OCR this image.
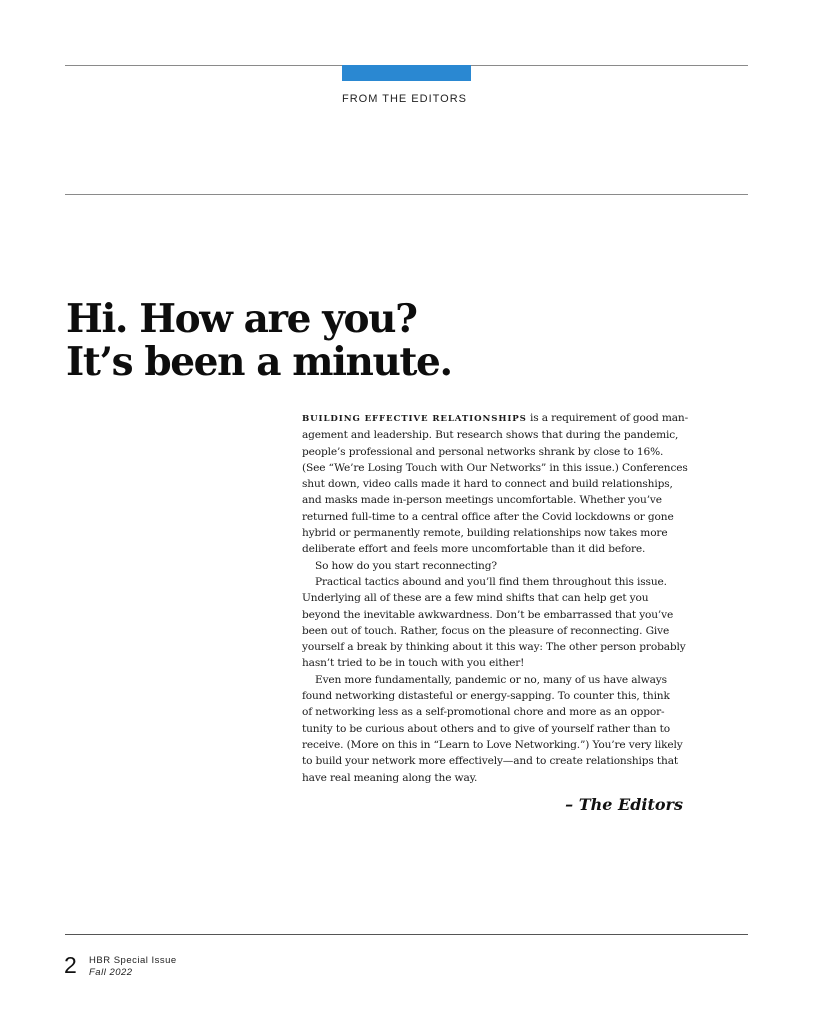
FROM THE EDITORS
Hi. How are you?
It’s been a minute.
BUILDING EFFECTIVE RELATIONSHIPS is a requirement of good man-
agement and leadership. But research shows that during the pandemic,
people’s professional and personal networks shrank by close to 16%.
(See “We’re Losing Touch with Our Networks” in this issue.) Conferences
shut down, video calls made it hard to connect and build relationships,
and masks made in-person meetings uncomfortable. Whether you’ve
returned full-time to a central office after the Covid lockdowns or gone
hybrid or permanently remote, building relationships now takes more
deliberate effort and feels more uncomfortable than it did before.
So how do you start reconnecting?
Practical tactics abound and you’ll find them throughout this issue.
Underlying all of these are a few mind shifts that can help get you
beyond the inevitable awkwardness. Don’t be embarrassed that you’ve
been out of touch. Rather, focus on the pleasure of reconnecting. Give
yourself a break by thinking about it this way: The other person probably
hasn’t tried to be in touch with you either!
Even more fundamentally, pandemic or no, many of us have always
found networking distasteful or energy-sapping. To counter this, think
of networking less as a self-promotional chore and more as an oppor-
tunity to be curious about others and to give of yourself rather than to
receive. (More on this in “Learn to Love Networking.”) You’re very likely
to build your network more effectively—and to create relationships that
have real meaning along the way.
– The Editors
2 HBR Special Issue
Fall 2022
